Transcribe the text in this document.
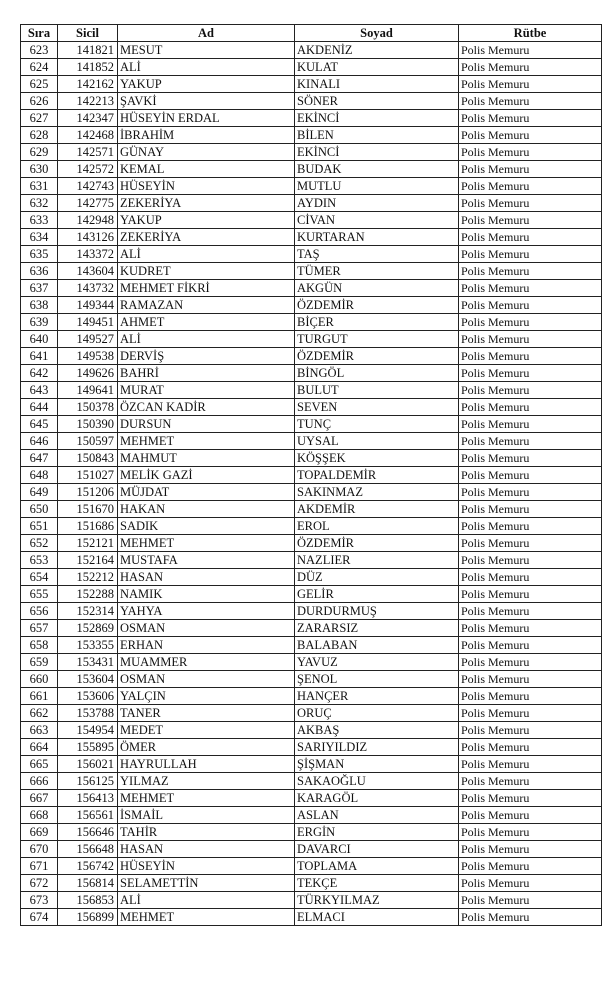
Sıra	Sicil	Ad	Soyad	Rütbe
623	141821	MESUT	AKDENİZ	Polis Memuru
624	141852	ALİ	KULAT	Polis Memuru
625	142162	YAKUP	KINALI	Polis Memuru
626	142213	ŞAVKİ	SÖNER	Polis Memuru
627	142347	HÜSEYİN ERDAL	EKİNCİ	Polis Memuru
628	142468	İBRAHİM	BİLEN	Polis Memuru
629	142571	GÜNAY	EKİNCİ	Polis Memuru
630	142572	KEMAL	BUDAK	Polis Memuru
631	142743	HÜSEYİN	MUTLU	Polis Memuru
632	142775	ZEKERİYA	AYDIN	Polis Memuru
633	142948	YAKUP	CİVAN	Polis Memuru
634	143126	ZEKERİYA	KURTARAN	Polis Memuru
635	143372	ALİ	TAŞ	Polis Memuru
636	143604	KUDRET	TÜMER	Polis Memuru
637	143732	MEHMET FİKRİ	AKGÜN	Polis Memuru
638	149344	RAMAZAN	ÖZDEMİR	Polis Memuru
639	149451	AHMET	BİÇER	Polis Memuru
640	149527	ALİ	TURGUT	Polis Memuru
641	149538	DERVİŞ	ÖZDEMİR	Polis Memuru
642	149626	BAHRİ	BİNGÖL	Polis Memuru
643	149641	MURAT	BULUT	Polis Memuru
644	150378	ÖZCAN KADİR	SEVEN	Polis Memuru
645	150390	DURSUN	TUNÇ	Polis Memuru
646	150597	MEHMET	UYSAL	Polis Memuru
647	150843	MAHMUT	KÖŞŞEK	Polis Memuru
648	151027	MELİK GAZİ	TOPALDEMİR	Polis Memuru
649	151206	MÜJDAT	SAKINMAZ	Polis Memuru
650	151670	HAKAN	AKDEMİR	Polis Memuru
651	151686	SADIK	EROL	Polis Memuru
652	152121	MEHMET	ÖZDEMİR	Polis Memuru
653	152164	MUSTAFA	NAZLIER	Polis Memuru
654	152212	HASAN	DÜZ	Polis Memuru
655	152288	NAMIK	GELİR	Polis Memuru
656	152314	YAHYA	DURDURMUŞ	Polis Memuru
657	152869	OSMAN	ZARARSIZ	Polis Memuru
658	153355	ERHAN	BALABAN	Polis Memuru
659	153431	MUAMMER	YAVUZ	Polis Memuru
660	153604	OSMAN	ŞENOL	Polis Memuru
661	153606	YALÇIN	HANÇER	Polis Memuru
662	153788	TANER	ORUÇ	Polis Memuru
663	154954	MEDET	AKBAŞ	Polis Memuru
664	155895	ÖMER	SARIYILDIZ	Polis Memuru
665	156021	HAYRULLAH	ŞİŞMAN	Polis Memuru
666	156125	YILMAZ	SAKAOĞLU	Polis Memuru
667	156413	MEHMET	KARAGÖL	Polis Memuru
668	156561	İSMAİL	ASLAN	Polis Memuru
669	156646	TAHİR	ERGİN	Polis Memuru
670	156648	HASAN	DAVARCI	Polis Memuru
671	156742	HÜSEYİN	TOPLAMA	Polis Memuru
672	156814	SELAMETTİN	TEKÇE	Polis Memuru
673	156853	ALİ	TÜRKYILMAZ	Polis Memuru
674	156899	MEHMET	ELMACI	Polis Memuru
